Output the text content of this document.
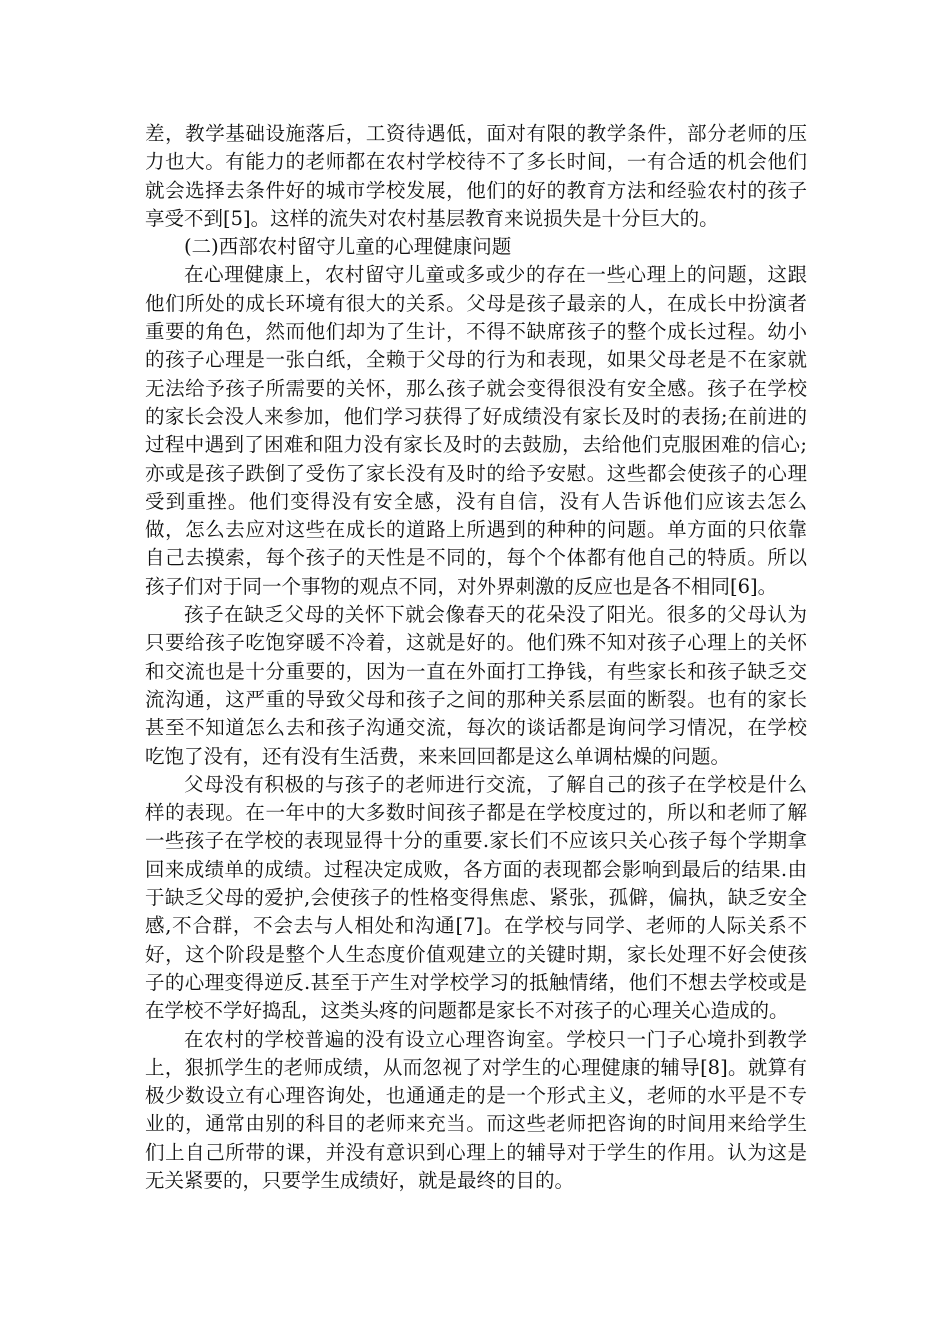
差，教学基础设施落后，工资待遇低，面对有限的教学条件，部分老师的压力也大。有能力的老师都在农村学校待不了多长时间，一有合适的机会他们就会选择去条件好的城市学校发展，他们的好的教育方法和经验农村的孩子享受不到[5]。这样的流失对农村基层教育来说损失是十分巨大的。

(二)西部农村留守儿童的心理健康问题

在心理健康上，农村留守儿童或多或少的存在一些心理上的问题，这跟他们所处的成长环境有很大的关系。父母是孩子最亲的人，在成长中扮演者重要的角色，然而他们却为了生计，不得不缺席孩子的整个成长过程。幼小的孩子心理是一张白纸，全赖于父母的行为和表现，如果父母老是不在家就无法给予孩子所需要的关怀，那么孩子就会变得很没有安全感。孩子在学校的家长会没人来参加，他们学习获得了好成绩没有家长及时的表扬;在前进的过程中遇到了困难和阻力没有家长及时的去鼓励，去给他们克服困难的信心;亦或是孩子跌倒了受伤了家长没有及时的给予安慰。这些都会使孩子的心理受到重挫。他们变得没有安全感，没有自信，没有人告诉他们应该去怎么做，怎么去应对这些在成长的道路上所遇到的种种的问题。单方面的只依靠自己去摸索，每个孩子的天性是不同的，每个个体都有他自己的特质。所以孩子们对于同一个事物的观点不同，对外界刺激的反应也是各不相同[6]。

孩子在缺乏父母的关怀下就会像春天的花朵没了阳光。很多的父母认为只要给孩子吃饱穿暖不冷着，这就是好的。他们殊不知对孩子心理上的关怀和交流也是十分重要的，因为一直在外面打工挣钱，有些家长和孩子缺乏交流沟通，这严重的导致父母和孩子之间的那种关系层面的断裂。也有的家长甚至不知道怎么去和孩子沟通交流，每次的谈话都是询问学习情况，在学校吃饱了没有，还有没有生活费，来来回回都是这么单调枯燥的问题。

父母没有积极的与孩子的老师进行交流，了解自己的孩子在学校是什么样的表现。在一年中的大多数时间孩子都是在学校度过的，所以和老师了解一些孩子在学校的表现显得十分的重要.家长们不应该只关心孩子每个学期拿回来成绩单的成绩。过程决定成败，各方面的表现都会影响到最后的结果.由于缺乏父母的爱护,会使孩子的性格变得焦虑、紧张，孤僻，偏执，缺乏安全感,不合群，不会去与人相处和沟通[7]。在学校与同学、老师的人际关系不好，这个阶段是整个人生态度价值观建立的关键时期，家长处理不好会使孩子的心理变得逆反.甚至于产生对学校学习的抵触情绪，他们不想去学校或是在学校不学好捣乱，这类头疼的问题都是家长不对孩子的心理关心造成的。

在农村的学校普遍的没有设立心理咨询室。学校只一门子心境扑到教学上，狠抓学生的老师成绩，从而忽视了对学生的心理健康的辅导[8]。就算有极少数设立有心理咨询处，也通通走的是一个形式主义，老师的水平是不专业的，通常由别的科目的老师来充当。而这些老师把咨询的时间用来给学生们上自己所带的课，并没有意识到心理上的辅导对于学生的作用。认为这是无关紧要的，只要学生成绩好，就是最终的目的。
